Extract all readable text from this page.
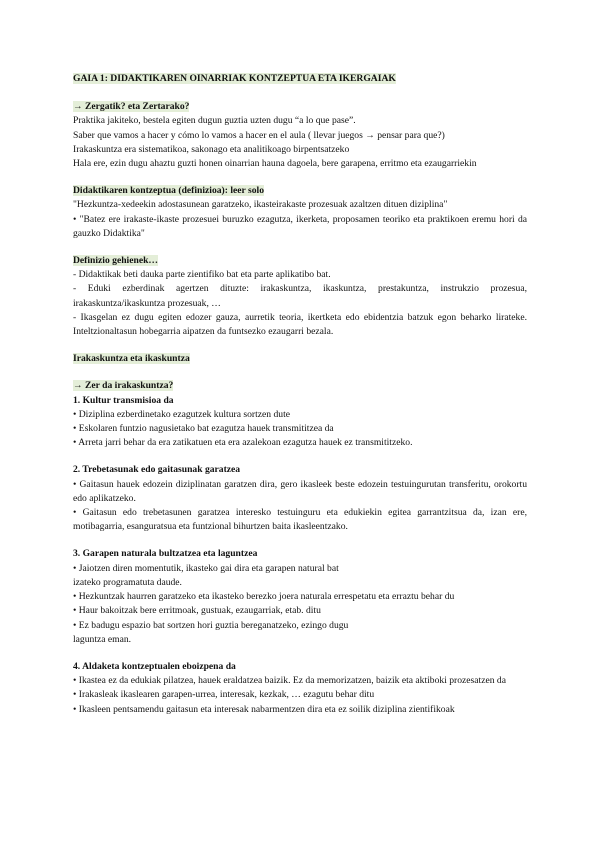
GAIA 1: DIDAKTIKAREN OINARRIAK KONTZEPTUA ETA IKERGAIAK

→ Zergatik? eta Zertarako?

Praktika jakiteko, bestela egiten dugun guztia uzten dugu “a lo que pase”.

Saber que vamos a hacer y cómo lo vamos a hacer en el aula ( llevar juegos → pensar para que?)

Irakaskuntza era sistematikoa, sakonago eta analitikoago birpentsatzeko

Hala ere, ezin dugu ahaztu guzti honen oinarrian hauna dagoela, bere garapena, erritmo eta ezaugarriekin

Didaktikaren kontzeptua (definizioa): leer solo

"Hezkuntza-xedeekin adostasunean garatzeko, ikasteirakaste prozesuak azaltzen dituen diziplina"

• "Batez ere irakaste-ikaste prozesuei buruzko ezagutza, ikerketa, proposamen teoriko eta praktikoen eremu hori da gauzko Didaktika"

Definizio gehienek…

- Didaktikak beti dauka parte zientifiko bat eta parte aplikatibo bat.

- Eduki ezberdinak agertzen dituzte: irakaskuntza, ikaskuntza, prestakuntza, instrukzio prozesua, irakaskuntza/ikaskuntza prozesuak, …

- Ikasgelan ez dugu egiten edozer gauza, aurretik teoria, ikertketa edo ebidentzia batzuk egon beharko lirateke. Inteltzionaltasun hobegarria aipatzen da funtsezko ezaugarri bezala.

Irakaskuntza eta ikaskuntza

→ Zer da irakaskuntza?

1. Kultur transmisioa da

• Diziplina ezberdinetako ezagutzek kultura sortzen dute

• Eskolaren funtzio nagusietako bat ezagutza hauek transmititzea da

• Arreta jarri behar da era zatikatuen eta era azalekoan ezagutza hauek ez transmititzeko.

2. Trebetasunak edo gaitasunak garatzea

• Gaitasun hauek edozein diziplinatan garatzen dira, gero ikasleek beste edozein testuingurutan transferitu, orokortu edo aplikatzeko.

• Gaitasun edo trebetasunen garatzea interesko testuinguru eta edukiekin egitea garrantzitsua da, izan ere, motibagarria, esanguratsua eta funtzional bihurtzen baita ikasleentzako.

3. Garapen naturala bultzatzea eta laguntzea

• Jaiotzen diren momentutik, ikasteko gai dira eta garapen natural bat

izateko programatuta daude.

• Hezkuntzak haurren garatzeko eta ikasteko berezko joera naturala errespetatu eta erraztu behar du

• Haur bakoitzak bere erritmoak, gustuak, ezaugarriak, etab. ditu

• Ez badugu espazio bat sortzen hori guztia bereganatzeko, ezingo dugu

laguntza eman.

4. Aldaketa kontzeptualen eboizpena da

• Ikastea ez da edukiak pilatzea, hauek eraldatzea baizik. Ez da memorizatzen, baizik eta aktiboki prozesatzen da

• Irakasleak ikaslearen garapen-urrea, interesak, kezkak, … ezagutu behar ditu

• Ikasleen pentsamendu gaitasun eta interesak nabarmentzen dira eta ez soilik diziplina zientifikoak
